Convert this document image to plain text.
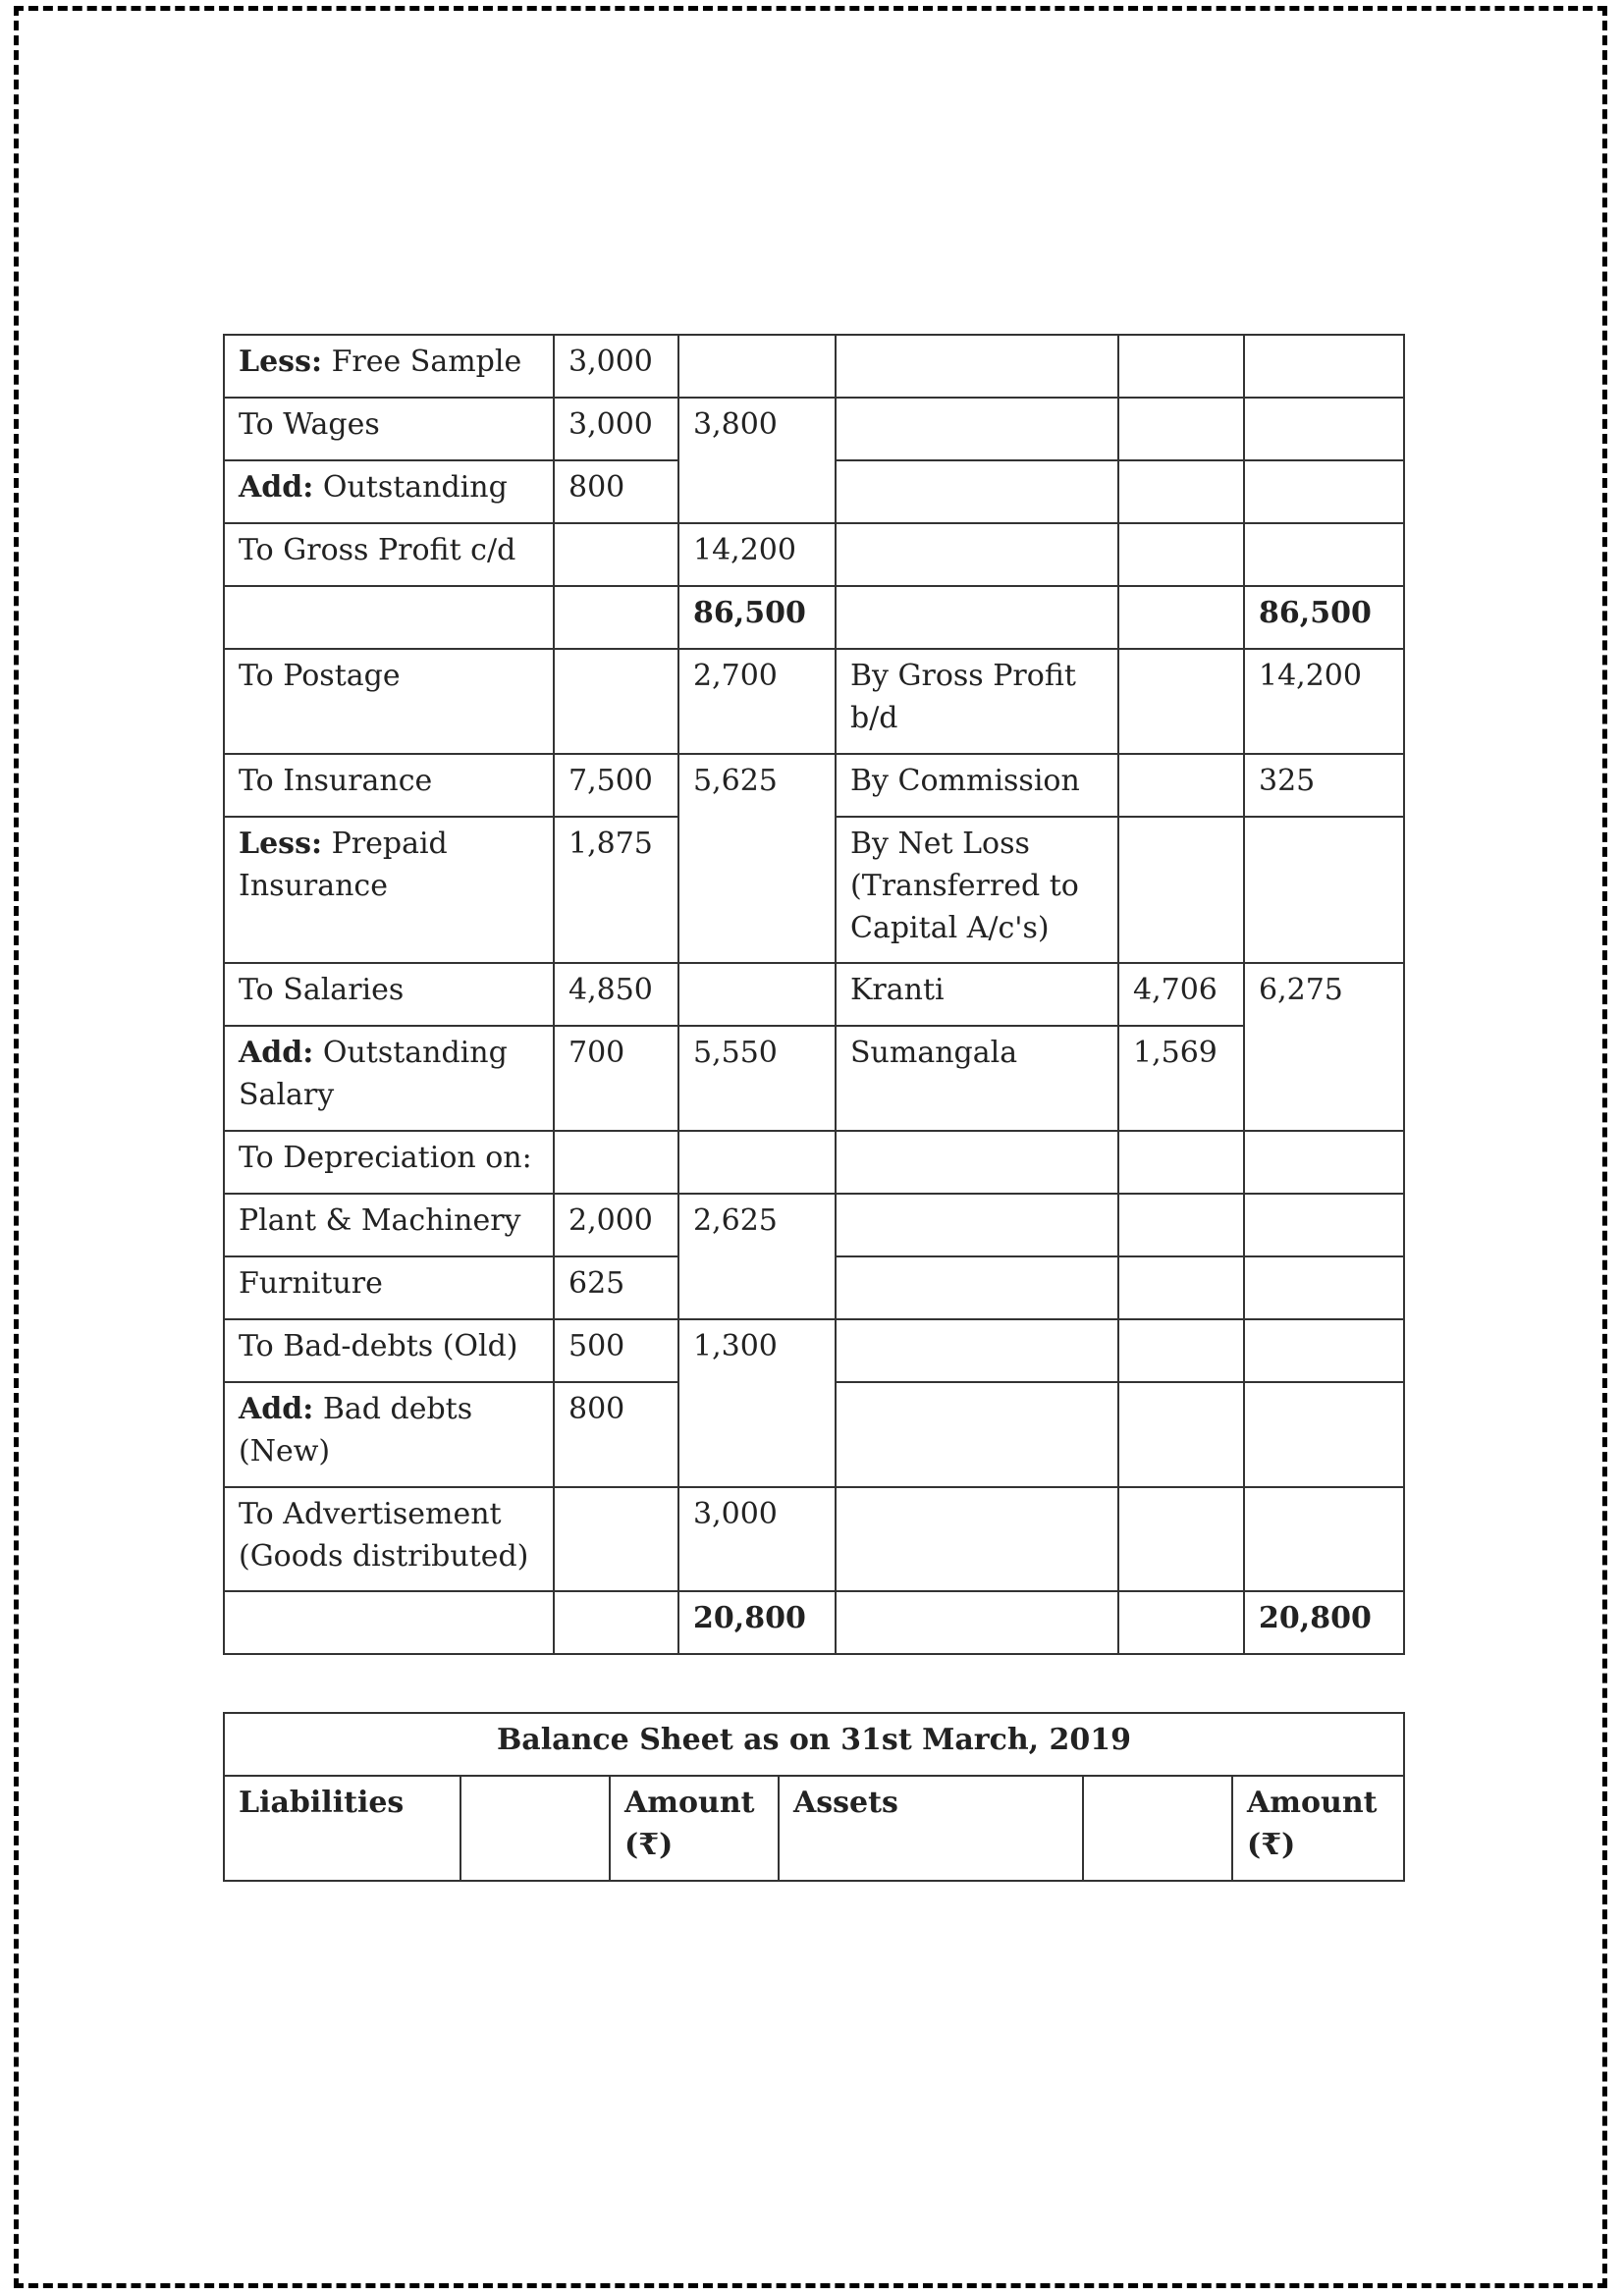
Less: Free Sample	3,000				
To Wages	3,000	3,800			
Add: Outstanding	800				
To Gross Profit c/d		14,200			
		86,500			86,500
To Postage		2,700	By Gross Profit b/d		14,200
To Insurance	7,500	5,625	By Commission		325
Less: Prepaid Insurance	1,875		By Net Loss (Transferred to Capital A/c's)		
To Salaries	4,850		Kranti	4,706	6,275
Add: Outstanding Salary	700	5,550	Sumangala	1,569	
To Depreciation on:					
Plant & Machinery	2,000	2,625			
Furniture	625				
To Bad-debts (Old)	500	1,300			
Add: Bad debts (New)	800				
To Advertisement (Goods distributed)		3,000			
		20,800			20,800
Balance Sheet as on 31st March, 2019
Liabilities		Amount (₹)	Assets		Amount (₹)
